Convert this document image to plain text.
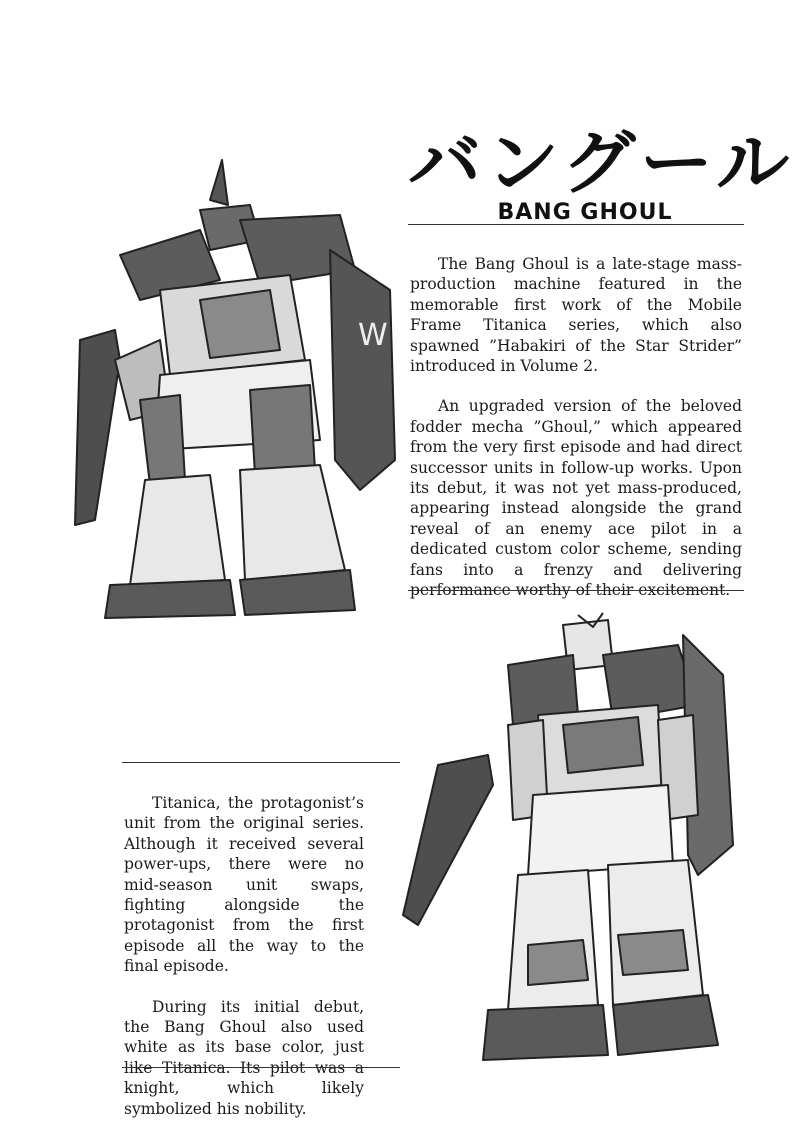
バングール
BANG GHOUL

The Bang Ghoul is a late-stage mass-production machine featured in the memorable first work of the Mobile Frame Titanica series, which also spawned ”Habakiri of the Star Strider” introduced in Volume 2.

An upgraded version of the beloved fodder mecha ”Ghoul,” which appeared from the very first episode and had direct successor units in follow-up works. Upon its debut, it was not yet mass-produced, appearing instead alongside the grand reveal of an enemy ace pilot in a dedicated custom color scheme, sending fans into a frenzy and delivering performance worthy of their excitement.

Titanica, the protagonist’s unit from the original series. Although it received several power-ups, there were no mid-season unit swaps, fighting alongside the protagonist from the first episode all the way to the final episode.

During its initial debut, the Bang Ghoul also used white as its base color, just like Titanica. Its pilot was a knight, which likely symbolized his nobility.

W
